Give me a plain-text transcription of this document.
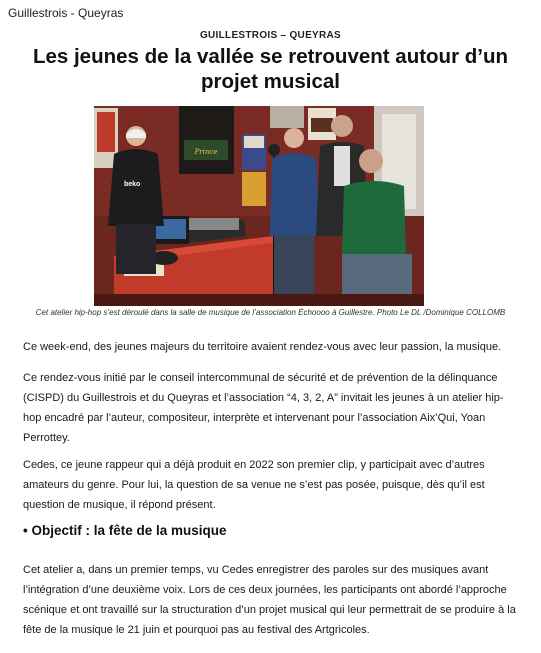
Guillestrois - Queyras
GUILLESTROIS – QUEYRAS
Les jeunes de la vallée se retrouvent autour d’un projet musical
Prince
beko
Cet atelier hip-hop s’est déroulé dans la salle de musique de l’association Échoooo à Guillestre. Photo Le DL /Dominique COLLOMB

Ce week-end, des jeunes majeurs du territoire avaient rendez-vous avec leur passion, la musique.

Ce rendez-vous initié par le conseil intercommunal de sécurité et de prévention de la délinquance (CISPD) du Guillestrois et du Queyras et l’association “4, 3, 2, A” invitait les jeunes à un atelier hip-hop encadré par l’auteur, compositeur, interprète et intervenant pour l’association Aix’Qui, Yoan Perrottey.

Cedes, ce jeune rappeur qui a déjà produit en 2022 son premier clip, y participait avec d’autres amateurs du genre. Pour lui, la question de sa venue ne s’est pas posée, puisque, dès qu’il est question de musique, il répond présent.

• Objectif : la fête de la musique

Cet atelier a, dans un premier temps, vu Cedes enregistrer des paroles sur des musiques avant l’intégration d’une deuxième voix. Lors de ces deux journées, les participants ont abordé l’approche scénique et ont travaillé sur la structuration d’un projet musical qui leur permettrait de se produire à la fête de la musique le 21 juin et pourquoi pas au festival des Artgricoles.
